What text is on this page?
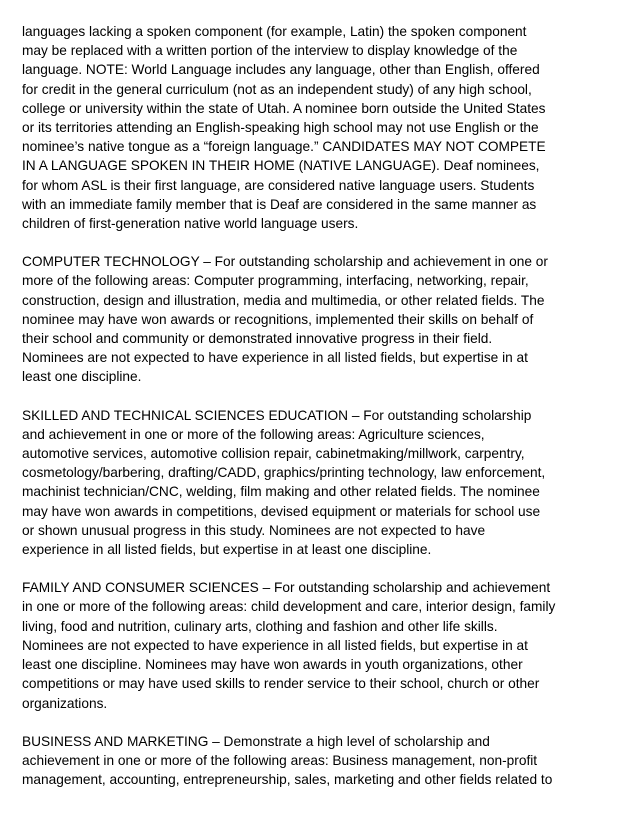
languages lacking a spoken component (for example, Latin) the spoken component
may be replaced with a written portion of the interview to display knowledge of the
language. NOTE: World Language includes any language, other than English, offered
for credit in the general curriculum (not as an independent study) of any high school,
college or university within the state of Utah. A nominee born outside the United States
or its territories attending an English-speaking high school may not use English or the
nominee’s native tongue as a “foreign language.” CANDIDATES MAY NOT COMPETE
IN A LANGUAGE SPOKEN IN THEIR HOME (NATIVE LANGUAGE). Deaf nominees,
for whom ASL is their first language, are considered native language users. Students
with an immediate family member that is Deaf are considered in the same manner as
children of first-generation native world language users.
COMPUTER TECHNOLOGY – For outstanding scholarship and achievement in one or
more of the following areas: Computer programming, interfacing, networking, repair,
construction, design and illustration, media and multimedia, or other related fields. The
nominee may have won awards or recognitions, implemented their skills on behalf of
their school and community or demonstrated innovative progress in their field.
Nominees are not expected to have experience in all listed fields, but expertise in at
least one discipline.
SKILLED AND TECHNICAL SCIENCES EDUCATION – For outstanding scholarship
and achievement in one or more of the following areas: Agriculture sciences,
automotive services, automotive collision repair, cabinetmaking/millwork, carpentry,
cosmetology/barbering, drafting/CADD, graphics/printing technology, law enforcement,
machinist technician/CNC, welding, film making and other related fields. The nominee
may have won awards in competitions, devised equipment or materials for school use
or shown unusual progress in this study. Nominees are not expected to have
experience in all listed fields, but expertise in at least one discipline.
FAMILY AND CONSUMER SCIENCES – For outstanding scholarship and achievement
in one or more of the following areas: child development and care, interior design, family
living, food and nutrition, culinary arts, clothing and fashion and other life skills.
Nominees are not expected to have experience in all listed fields, but expertise in at
least one discipline. Nominees may have won awards in youth organizations, other
competitions or may have used skills to render service to their school, church or other
organizations.
BUSINESS AND MARKETING – Demonstrate a high level of scholarship and
achievement in one or more of the following areas: Business management, non-profit
management, accounting, entrepreneurship, sales, marketing and other fields related to
